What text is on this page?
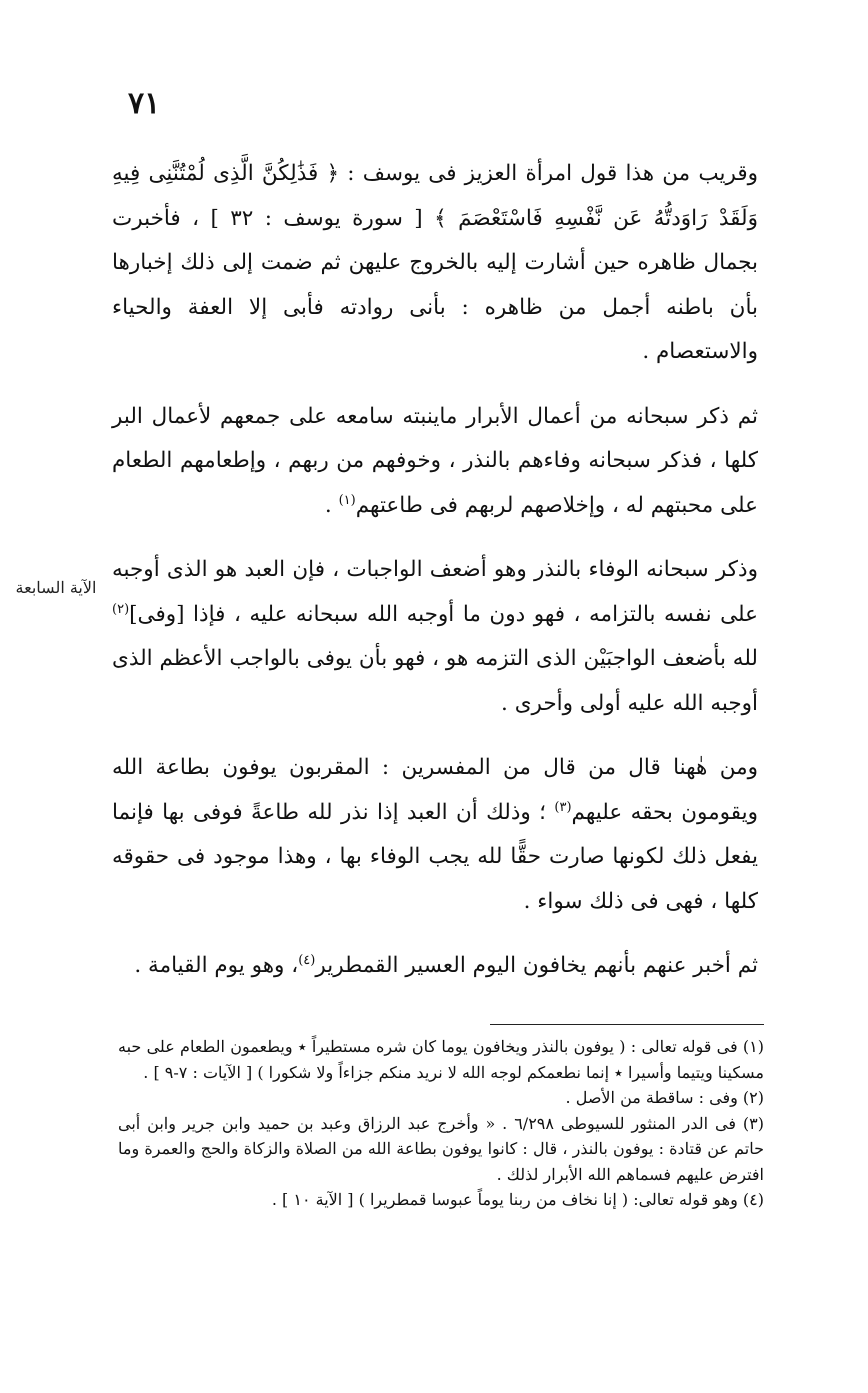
٧١
الآية السابعة

وقريب من هذا قول امرأة العزيز فى يوسف : ﴿ فَذَٰلِكُنَّ الَّذِى لُمْتُنَّنِى فِيهِ وَلَقَدْ رَاوَدتُّهُ عَن نَّفْسِهِ فَاسْتَعْصَمَ ﴾ [ سورة يوسف : ٣٢ ] ، فأخبرت بجمال ظاهره حين أشارت إليه بالخروج عليهن ثم ضمت إلى ذلك إخبارها بأن باطنه أجمل من ظاهره : بأنى روادته فأبى إلا العفة والحياء والاستعصام .

ثم ذكر سبحانه من أعمال الأبرار ماينبته سامعه على جمعهم لأعمال البر كلها ، فذكر سبحانه وفاءهم بالنذر ، وخوفهم من ربهم ، وإطعامهم الطعام على محبتهم له ، وإخلاصهم لربهم فى طاعتهم$^{(١)}$ .

وذكر سبحانه الوفاء بالنذر وهو أضعف الواجبات ، فإن العبد هو الذى أوجبه على نفسه بالتزامه ، فهو دون ما أوجبه الله سبحانه عليه ، فإذا [وفى]$^{(٢)}$ لله بأضعف الواجبَيْن الذى التزمه هو ، فهو بأن يوفى بالواجب الأعظم الذى أوجبه الله عليه أولى وأحرى .

ومن هٰهنا قال من قال من المفسرين : المقربون يوفون بطاعة الله ويقومون بحقه عليهم$^{(٣)}$ ؛ وذلك أن العبد إذا نذر لله طاعةً فوفى بها فإنما يفعل ذلك لكونها صارت حقًّا لله يجب الوفاء بها ، وهذا موجود فى حقوقه كلها ، فهى فى ذلك سواء .

ثم أخبر عنهم بأنهم يخافون اليوم العسير القمطرير$^{(٤)}$، وهو يوم القيامة .

(١) فى قوله تعالى : ( يوفون بالنذر ويخافون يوما كان شره مستطيراً ٭ ويطعمون الطعام على حبه مسكينا ويتيما وأسيرا ٭ إنما نطعمكم لوجه الله لا نريد منكم جزاءاً ولا شكورا ) [ الآيات : ٧-٩ ] .

(٢) وفى : ساقطة من الأصل .

(٣) فى الدر المنثور للسيوطى ٦/٢٩٨ . « وأخرج عبد الرزاق وعبد بن حميد وابن جرير وابن أبى حاتم عن قتادة : يوفون بالنذر ، قال : كانوا يوفون بطاعة الله من الصلاة والزكاة والحج والعمرة وما افترض عليهم فسماهم الله الأبرار لذلك .

(٤) وهو قوله تعالى: ( إنا نخاف من ربنا يوماً عبوسا قمطريرا ) [ الآية ١٠ ] .
